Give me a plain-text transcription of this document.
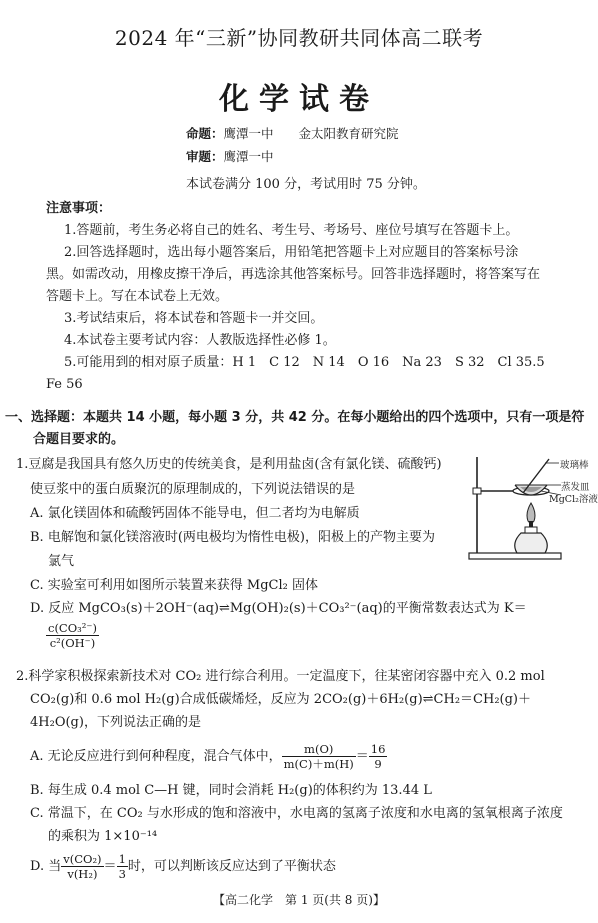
2024 年“三新”协同教研共同体高二联考
化学试卷
命题：鹰潭一中　　金太阳教育研究院
审题：鹰潭一中
本试卷满分 100 分，考试用时 75 分钟。
注意事项：
1.答题前，考生务必将自己的姓名、考生号、考场号、座位号填写在答题卡上。
2.回答选择题时，选出每小题答案后，用铅笔把答题卡上对应题目的答案标号涂
黑。如需改动，用橡皮擦干净后，再选涂其他答案标号。回答非选择题时，将答案写在
答题卡上。写在本试卷上无效。
3.考试结束后，将本试卷和答题卡一并交回。
4.本试卷主要考试内容：人教版选择性必修 1。
5.可能用到的相对原子质量：H 1　C 12　N 14　O 16　Na 23　S 32　Cl 35.5
Fe 56
一、选择题：本题共 14 小题，每小题 3 分，共 42 分。在每小题给出的四个选项中，只有一项是符
合题目要求的。
1.豆腐是我国具有悠久历史的传统美食，是利用盐卤(含有氯化镁、硫酸钙)
使豆浆中的蛋白质聚沉的原理制成的，下列说法错误的是
A. 氯化镁固体和硫酸钙固体不能导电，但二者均为电解质
B. 电解饱和氯化镁溶液时(两电极均为惰性电极)，阳极上的产物主要为
氯气
C. 实验室可利用如图所示装置来获得 MgCl₂ 固体
D. 反应 MgCO₃(s)＋2OH⁻(aq)⇌Mg(OH)₂(s)＋CO₃²⁻(aq)的平衡常数表达式为 K＝
$\frac{\text{c(CO₃²⁻)}}{\text{c²(OH⁻)}}$
玻璃棒
蒸发皿
MgCl₂溶液
2.科学家积极探索新技术对 CO₂ 进行综合利用。一定温度下，往某密闭容器中充入 0.2 mol
CO₂(g)和 0.6 mol H₂(g)合成低碳烯烃，反应为 2CO₂(g)＋6H₂(g)⇌CH₂＝CH₂(g)＋
4H₂O(g)，下列说法正确的是
A. 无论反应进行到何种程度，混合气体中， $\frac{m(O)}{m(C)+m(H)} = \frac{16}{9}$
B. 每生成 0.4 mol C—H 键，同时会消耗 H₂(g)的体积约为 13.44 L
C. 常温下，在 CO₂ 与水形成的饱和溶液中，水电离的氢离子浓度和水电离的氢氧根离子浓度
的乘积为 1×10⁻¹⁴
D. 当 $\frac{\text{v(CO₂)}}{\text{v(H₂)}} = \frac{1}{3}$ 时，可以判断该反应达到了平衡状态
【高二化学　第 1 页(共 8 页)】
